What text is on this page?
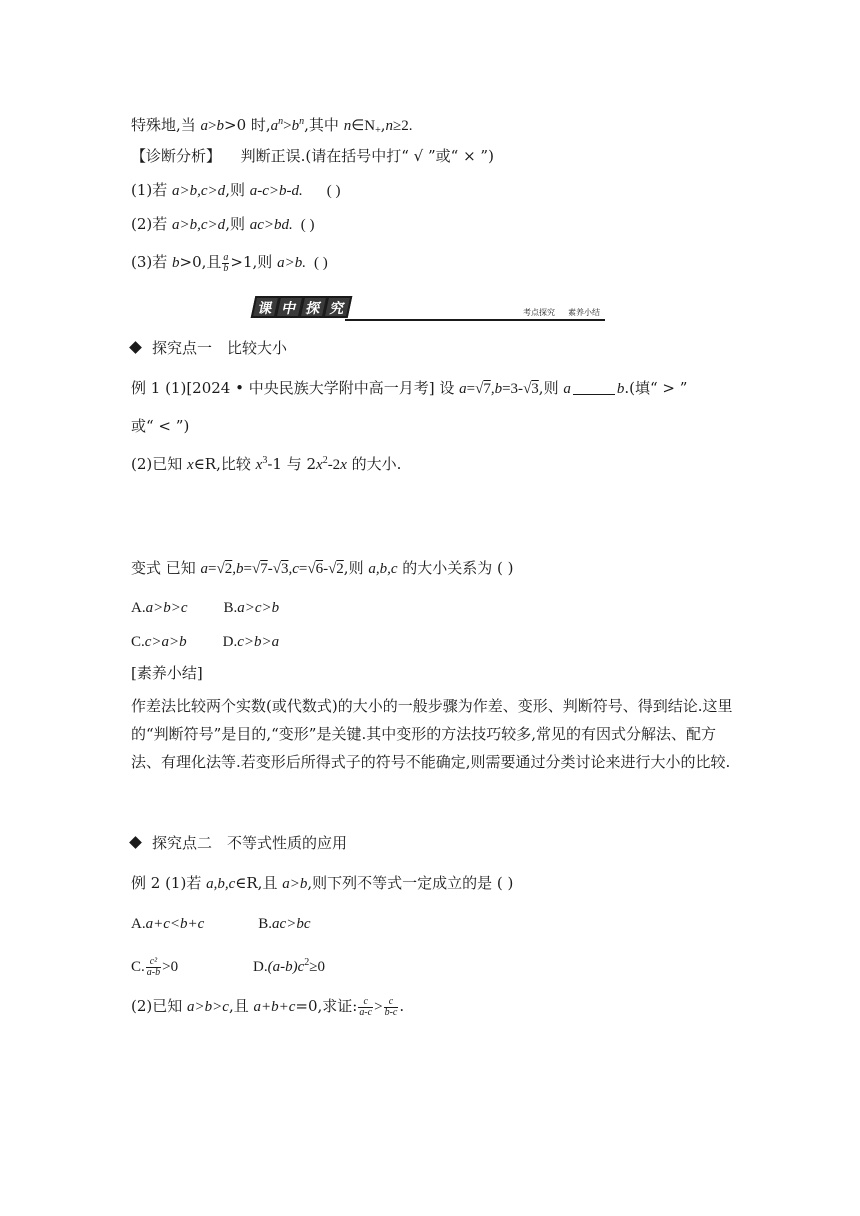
特殊地,当 a>b>0 时$,a^n>b^n$,其中 $n\in N_+,n\ge 2$.
【诊断分析】 判断正误.(请在括号中打“ √ ”或“ × ”)
(1)若 a>b,c>d,则 a-c>b-d. ( )
(2)若 a>b,c>d,则 ac>bd. ( )
(3)若 b>0,且 $\frac{a}{b} >1$,则 a>b. ( )
课 中 探 究	考点探究 素养小结
探究点一　比较大小
例 1 (1)[2024 • 中央民族大学附中高一月考] 设 a=√7,b=3-√3,则 a	b.(填“ > ”
或“ < ”)
(2)已知 x∈R,比较 $x^3-1$ 与 $2x^2-2x$ 的大小.
变式 已知 a=√2,b=√7-√3,c=√6-√2,则 a,b,c 的大小关系为 ( )
A.a>b>c B.a>c>b
C.c>a>b D.c>b>a
[素养小结]
作差法比较两个实数(或代数式)的大小的一般步骤为作差、变形、判断符号、得到结论.这里的“判断符号”是目的,“变形”是关键.其中变形的方法技巧较多,常见的有因式分解法、配方法、有理化法等.若变形后所得式子的符号不能确定,则需要通过分类讨论来进行大小的比较.
探究点二　不等式性质的应用
例 2 (1)若 a,b,c∈R,且 a>b,则下列不等式一定成立的是 ( )
A.a+c<b+c	B.ac>bc
C. $\frac{\text{c²}}{a-b} >0$	$D.(a-b)c^2\ge 0$
(2)已知 a>b>c,且 a+b+c=0,求证: $\frac{c}{a-c} > \frac{c}{b-c}$ .
